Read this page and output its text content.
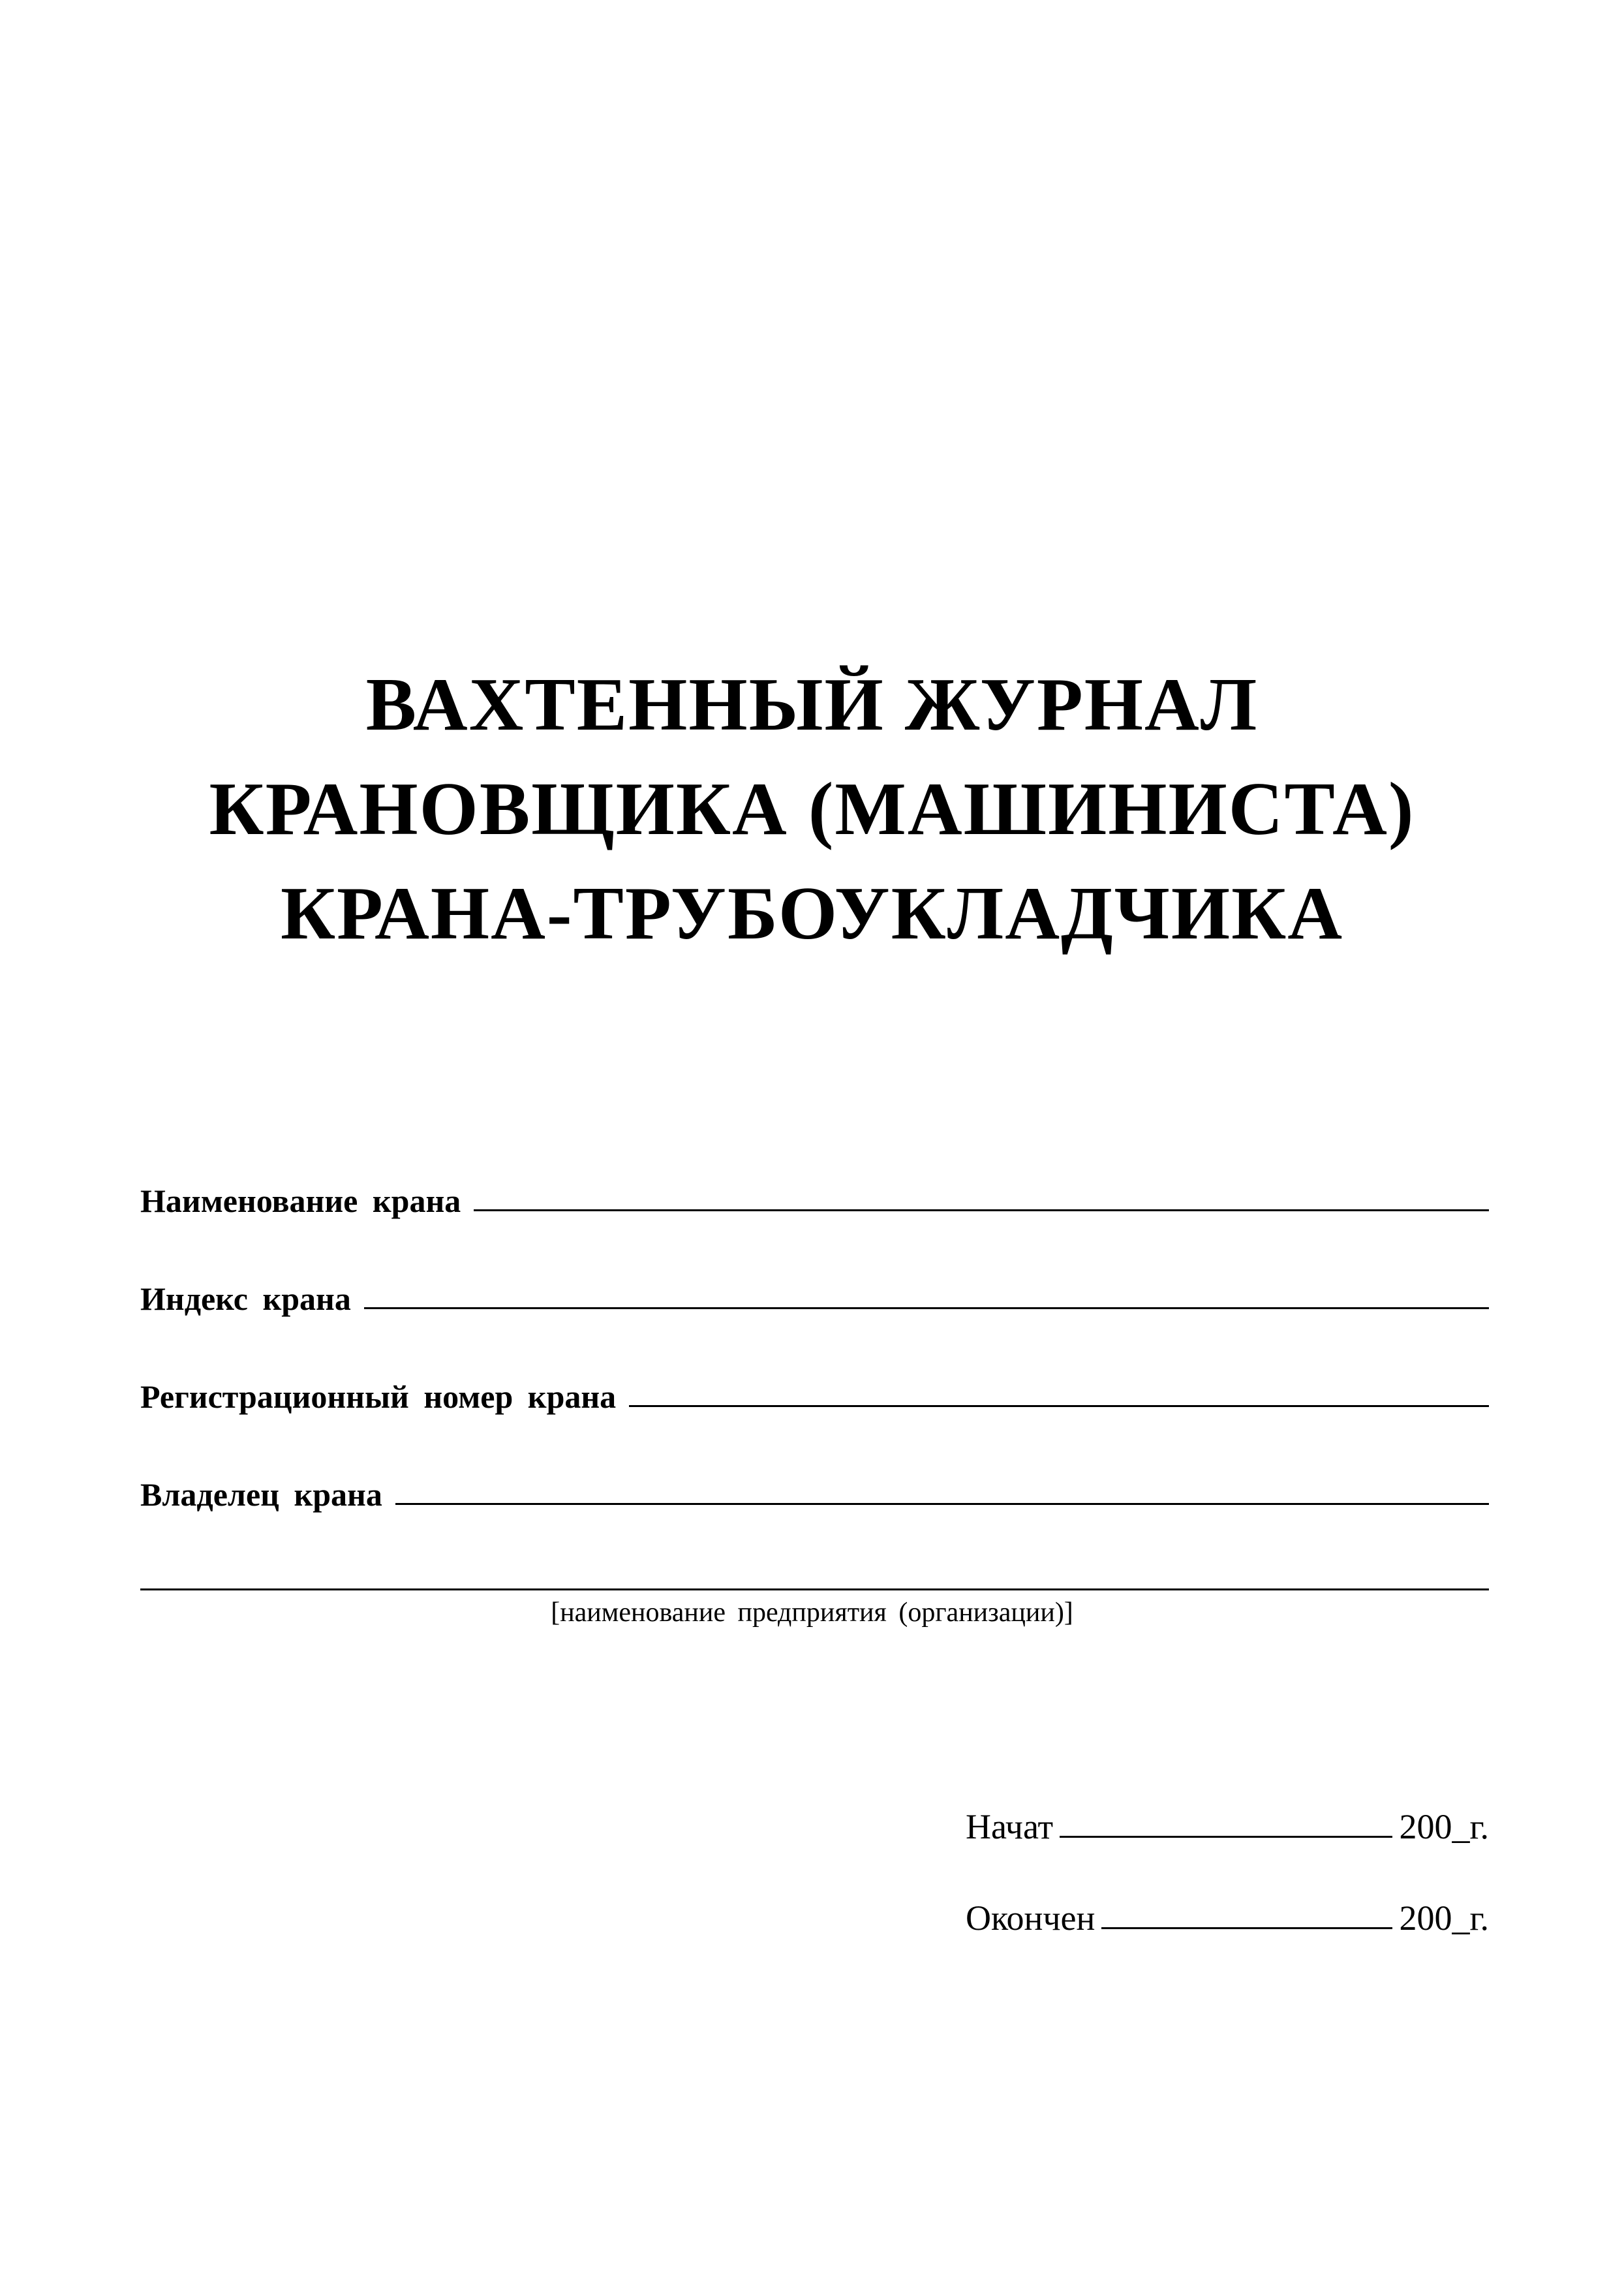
ВАХТЕННЫЙ ЖУРНАЛ
КРАНОВЩИКА (МАШИНИСТА)
КРАНА-ТРУБОУКЛАДЧИКА
Наименование крана
Индекс крана
Регистрационный номер крана
Владелец крана
[наименование предприятия (организации)]
Начат	200_г.
Окончен	200_г.
